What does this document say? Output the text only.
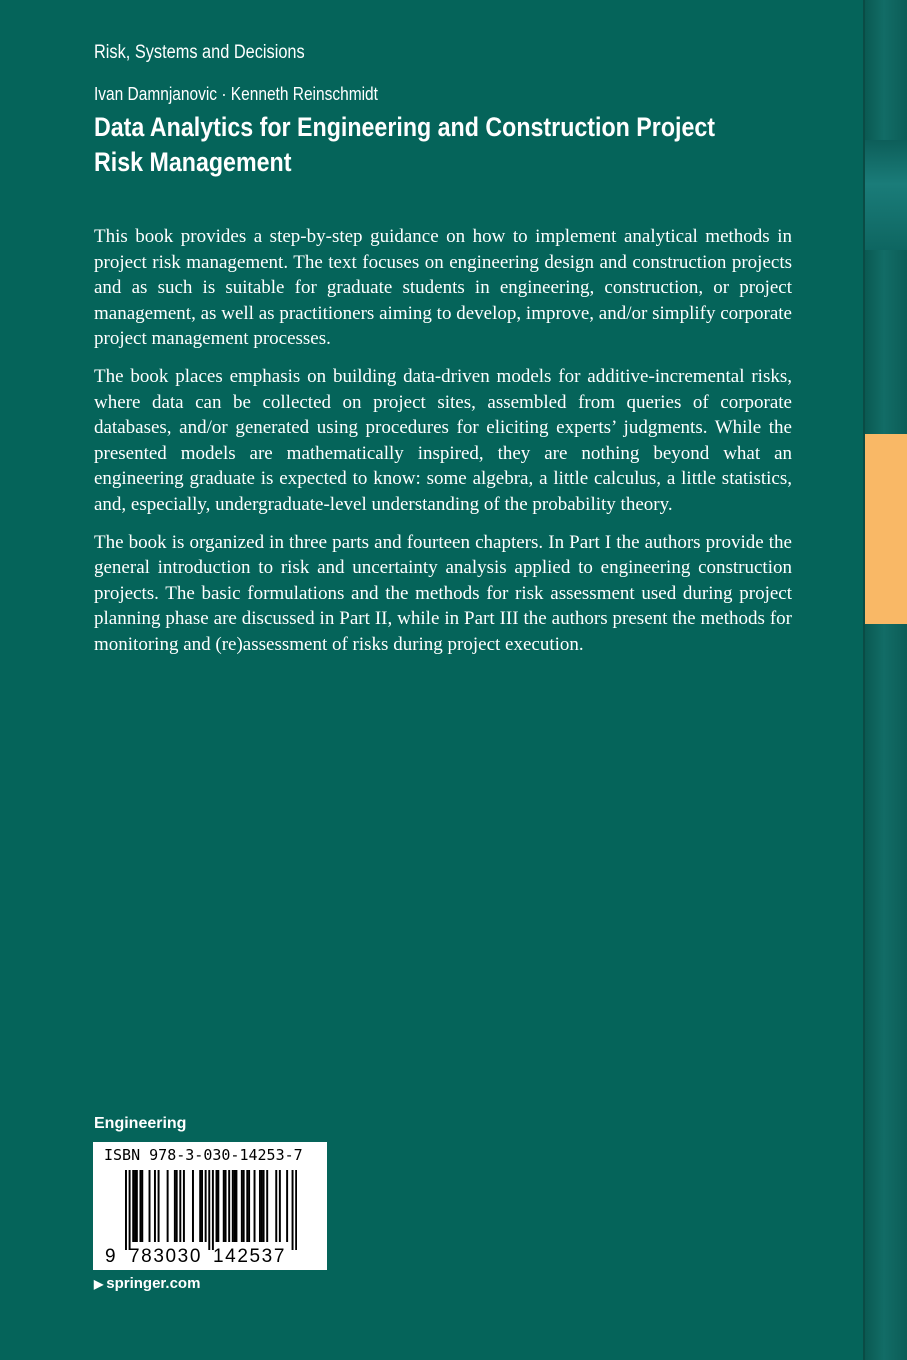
Risk, Systems and Decisions
Ivan Damnjanovic · Kenneth Reinschmidt
Data Analytics for Engineering and Construction Project Risk Management

This book provides a step-by-step guidance on how to implement analytical methods in project risk management. The text focuses on engineering design and construction projects and as such is suitable for graduate students in engineering, construction, or project management, as well as practitioners aiming to develop, improve, and/or simplify corporate project management processes.

The book places emphasis on building data-driven models for additive-incremental risks, where data can be collected on project sites, assembled from queries of corporate databases, and/or generated using procedures for eliciting experts’ judgments. While the presented models are mathematically inspired, they are nothing beyond what an engineering graduate is expected to know: some algebra, a little calculus, a little statistics, and, especially, undergraduate-level understanding of the probability theory.

The book is organized in three parts and fourteen chapters. In Part I the authors provide the general introduction to risk and uncertainty analysis applied to engineering construction projects. The basic formulations and the methods for risk assessment used during project planning phase are discussed in Part II, while in Part III the authors present the methods for monitoring and (re)assessment of risks during project execution.

Engineering
ISBN 978-3-030-14253-7
9 783030 142537
▶ springer.com
